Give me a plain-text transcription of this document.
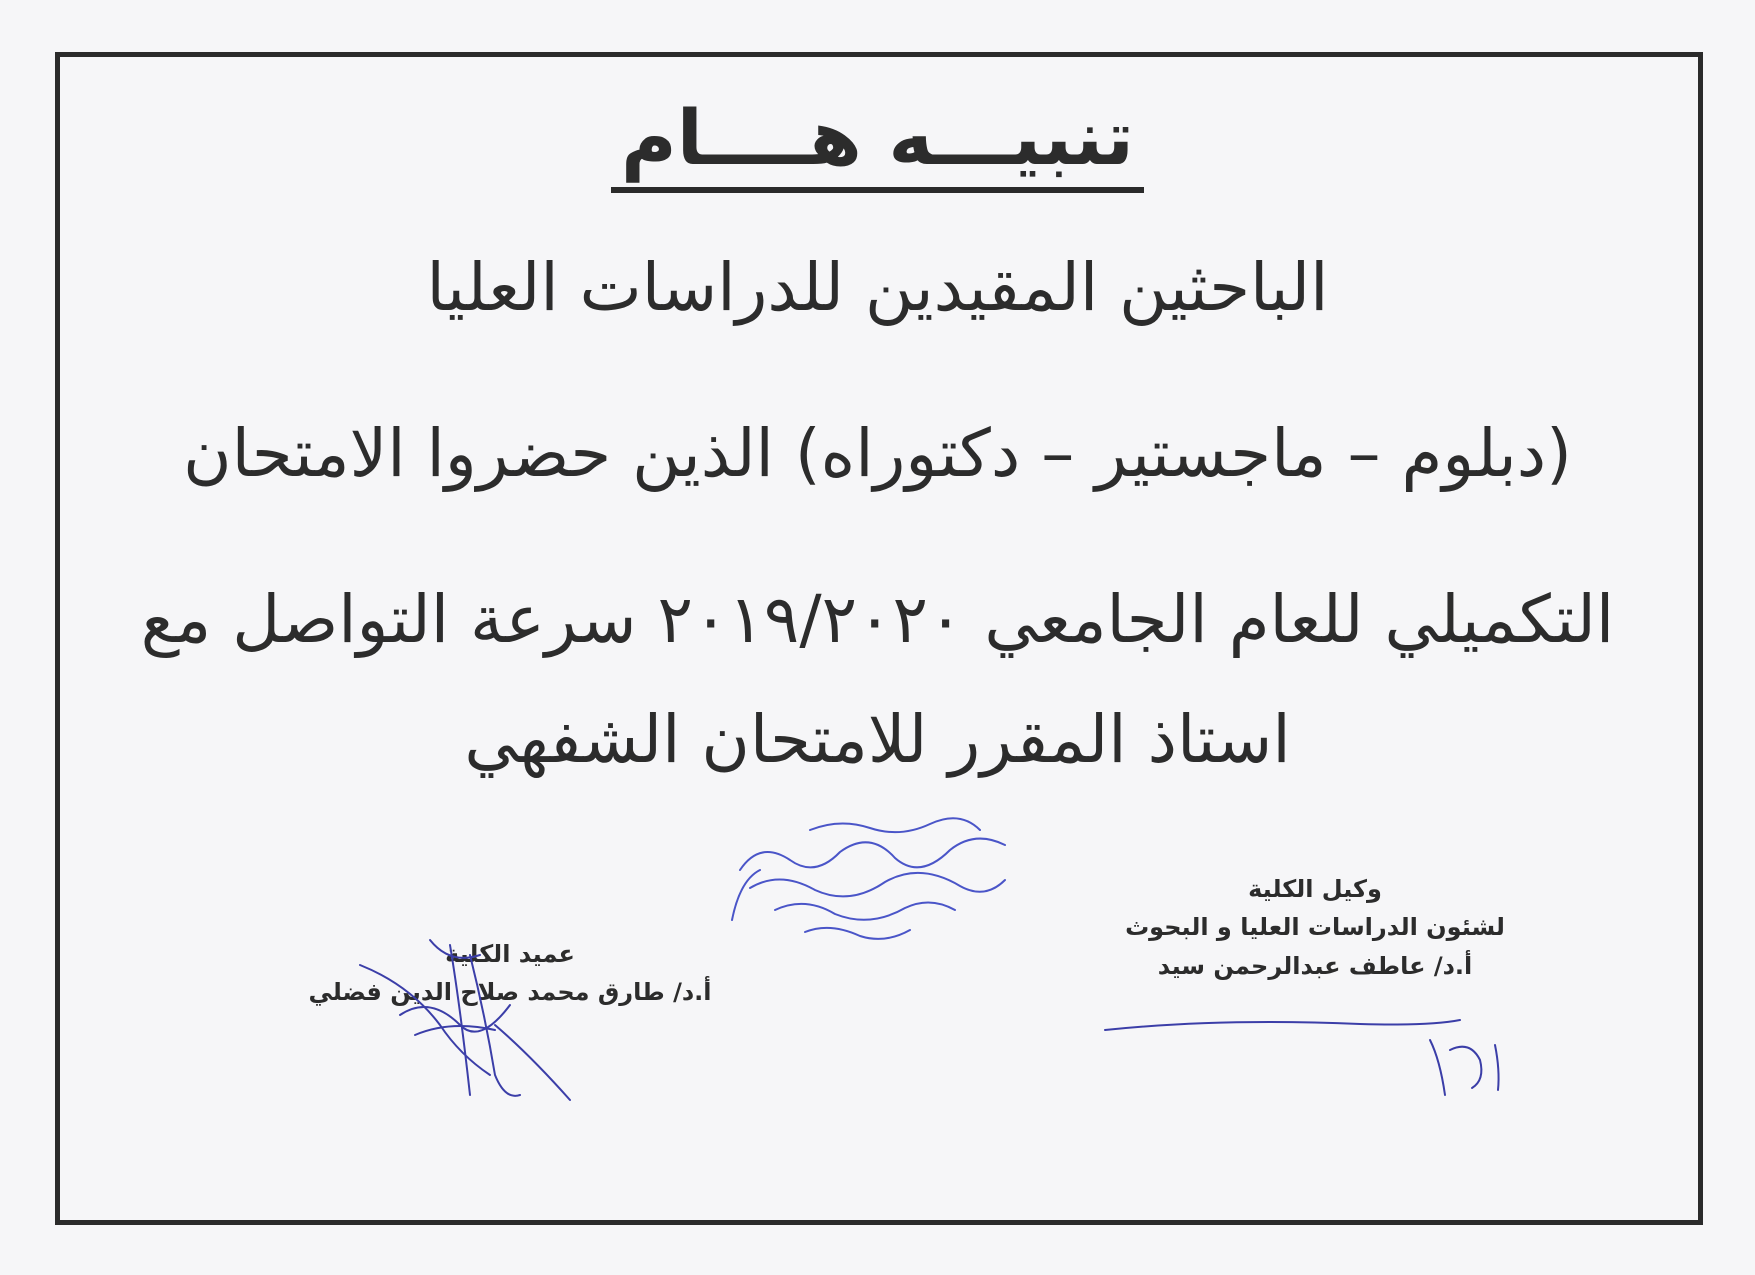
تنبيـــه هــــام
الباحثين المقيدين للدراسات العليا
(دبلوم – ماجستير – دكتوراه) الذين حضروا الامتحان
التكميلي للعام الجامعي ٢٠١٩/٢٠٢٠ سرعة التواصل مع
استاذ المقرر للامتحان الشفهي
عميد الكلية
أ.د/ طارق محمد صلاح الدين فضلي
وكيل الكلية
لشئون الدراسات العليا و البحوث
أ.د/ عاطف عبدالرحمن سيد
